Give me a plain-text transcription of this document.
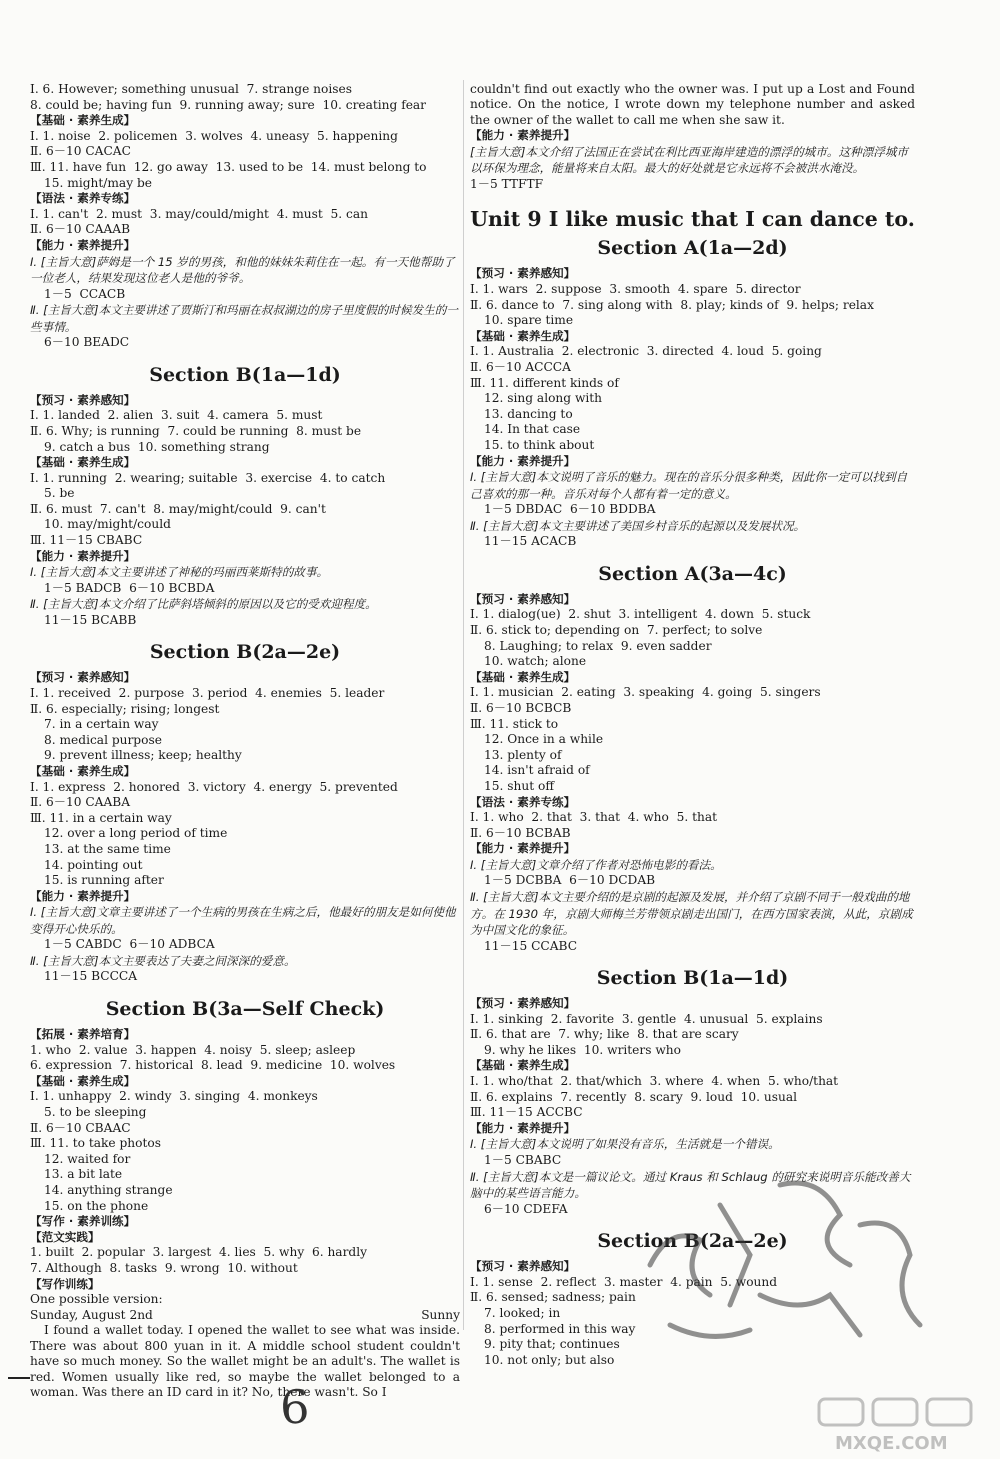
Ⅰ. 6. However; something unusual  7. strange noises
8. could be; having fun  9. running away; sure  10. creating fear
【基础 · 素养生成】
Ⅰ. 1. noise  2. policemen  3. wolves  4. uneasy  5. happening
Ⅱ. 6－10 CACAC
Ⅲ. 11. have fun  12. go away  13. used to be  14. must belong to
15. might/may be
【语法 · 素养专练】
Ⅰ. 1. can't  2. must  3. may/could/might  4. must  5. can
Ⅱ. 6－10 CAAAB
【能力 · 素养提升】
Ⅰ. [主旨大意]萨姆是一个 15 岁的男孩，和他的妹妹朱莉住在一起。有一天他帮助了一位老人，结果发现这位老人是他的爷爷。
1－5  CCACB
Ⅱ. [主旨大意]本文主要讲述了贾斯汀和玛丽在叔叔湖边的房子里度假的时候发生的一些事情。
6－10 BEADC
Section B(1a—1d)
【预习 · 素养感知】
Ⅰ. 1. landed  2. alien  3. suit  4. camera  5. must
Ⅱ. 6. Why; is running  7. could be running  8. must be
9. catch a bus  10. something strang
【基础 · 素养生成】
Ⅰ. 1. running  2. wearing; suitable  3. exercise  4. to catch
5. be
Ⅱ. 6. must  7. can't  8. may/might/could  9. can't
10. may/might/could
Ⅲ. 11－15 CBABC
【能力 · 素养提升】
Ⅰ. [主旨大意]本文主要讲述了神秘的玛丽西莱斯特的故事。
1－5 BADCB  6－10 BCBDA
Ⅱ. [主旨大意]本文介绍了比萨斜塔倾斜的原因以及它的受欢迎程度。
11－15 BCABB
Section B(2a—2e)
【预习 · 素养感知】
Ⅰ. 1. received  2. purpose  3. period  4. enemies  5. leader
Ⅱ. 6. especially; rising; longest
7. in a certain way
8. medical purpose
9. prevent illness; keep; healthy
【基础 · 素养生成】
Ⅰ. 1. express  2. honored  3. victory  4. energy  5. prevented
Ⅱ. 6－10 CAABA
Ⅲ. 11. in a certain way
12. over a long period of time
13. at the same time
14. pointing out
15. is running after
【能力 · 素养提升】
Ⅰ. [主旨大意]文章主要讲述了一个生病的男孩在生病之后，他最好的朋友是如何使他变得开心快乐的。
1－5 CABDC  6－10 ADBCA
Ⅱ. [主旨大意]本文主要表达了夫妻之间深深的爱意。
11－15 BCCCA
Section B(3a—Self Check)
【拓展 · 素养培育】
1. who  2. value  3. happen  4. noisy  5. sleep; asleep
6. expression  7. historical  8. lead  9. medicine  10. wolves
【基础 · 素养生成】
Ⅰ. 1. unhappy  2. windy  3. singing  4. monkeys
5. to be sleeping
Ⅱ. 6－10 CBAAC
Ⅲ. 11. to take photos
12. waited for
13. a bit late
14. anything strange
15. on the phone
【写作 · 素养训练】
【范文实践】
1. built  2. popular  3. largest  4. lies  5. why  6. hardly
7. Although  8. tasks  9. wrong  10. without
【写作训练】
One possible version:
Sunday, August 2nd	Sunny
I found a wallet today. I opened the wallet to see what was inside. There was about 800 yuan in it. A middle school student couldn't have so much money. So the wallet might be an adult's. The wallet is red. Women usually like red, so maybe the wallet belonged to a woman. Was there an ID card in it? No, there wasn't. So I
couldn't find out exactly who the owner was. I put up a Lost and Found notice. On the notice, I wrote down my telephone number and asked the owner of the wallet to call me when she saw it.
【能力 · 素养提升】
[主旨大意]本文介绍了法国正在尝试在利比西亚海岸建造的漂浮的城市。这种漂浮城市以环保为理念，能量将来自太阳。最大的好处就是它永远将不会被洪水淹没。
1－5 TTFTF
Unit 9 I like music that I can dance to.
Section A(1a—2d)
【预习 · 素养感知】
Ⅰ. 1. wars  2. suppose  3. smooth  4. spare  5. director
Ⅱ. 6. dance to  7. sing along with  8. play; kinds of  9. helps; relax
10. spare time
【基础 · 素养生成】
Ⅰ. 1. Australia  2. electronic  3. directed  4. loud  5. going
Ⅱ. 6－10 ACCCA
Ⅲ. 11. different kinds of
12. sing along with
13. dancing to
14. In that case
15. to think about
【能力 · 素养提升】
Ⅰ. [主旨大意]本文说明了音乐的魅力。现在的音乐分很多种类，因此你一定可以找到自己喜欢的那一种。音乐对每个人都有着一定的意义。
1－5 DBDAC  6－10 BDDBA
Ⅱ. [主旨大意]本文主要讲述了美国乡村音乐的起源以及发展状况。
11－15 ACACB
Section A(3a—4c)
【预习 · 素养感知】
Ⅰ. 1. dialog(ue)  2. shut  3. intelligent  4. down  5. stuck
Ⅱ. 6. stick to; depending on  7. perfect; to solve
8. Laughing; to relax  9. even sadder
10. watch; alone
【基础 · 素养生成】
Ⅰ. 1. musician  2. eating  3. speaking  4. going  5. singers
Ⅱ. 6－10 BCBCB
Ⅲ. 11. stick to
12. Once in a while
13. plenty of
14. isn't afraid of
15. shut off
【语法 · 素养专练】
Ⅰ. 1. who  2. that  3. that  4. who  5. that
Ⅱ. 6－10 BCBAB
【能力 · 素养提升】
Ⅰ. [主旨大意]文章介绍了作者对恐怖电影的看法。
1－5 DCBBA  6－10 DCDAB
Ⅱ. [主旨大意]本文主要介绍的是京剧的起源及发展，并介绍了京剧不同于一般戏曲的地方。在 1930 年，京剧大师梅兰芳带领京剧走出国门，在西方国家表演，从此，京剧成为中国文化的象征。
11－15 CCABC
Section B(1a—1d)
【预习 · 素养感知】
Ⅰ. 1. sinking  2. favorite  3. gentle  4. unusual  5. explains
Ⅱ. 6. that are  7. why; like  8. that are scary
9. why he likes  10. writers who
【基础 · 素养生成】
Ⅰ. 1. who/that  2. that/which  3. where  4. when  5. who/that
Ⅱ. 6. explains  7. recently  8. scary  9. loud  10. usual
Ⅲ. 11－15 ACCBC
【能力 · 素养提升】
Ⅰ. [主旨大意]本文说明了如果没有音乐，生活就是一个错误。
1－5 CBABC
Ⅱ. [主旨大意]本文是一篇议论文。通过 Kraus 和 Schlaug 的研究来说明音乐能改善大脑中的某些语言能力。
6－10 CDEFA
Section B(2a—2e)
【预习 · 素养感知】
Ⅰ. 1. sense  2. reflect  3. master  4. pain  5. wound
Ⅱ. 6. sensed; sadness; pain
7. looked; in
8. performed in this way
9. pity that; continues
10. not only; but also
6
MXQE.COM
